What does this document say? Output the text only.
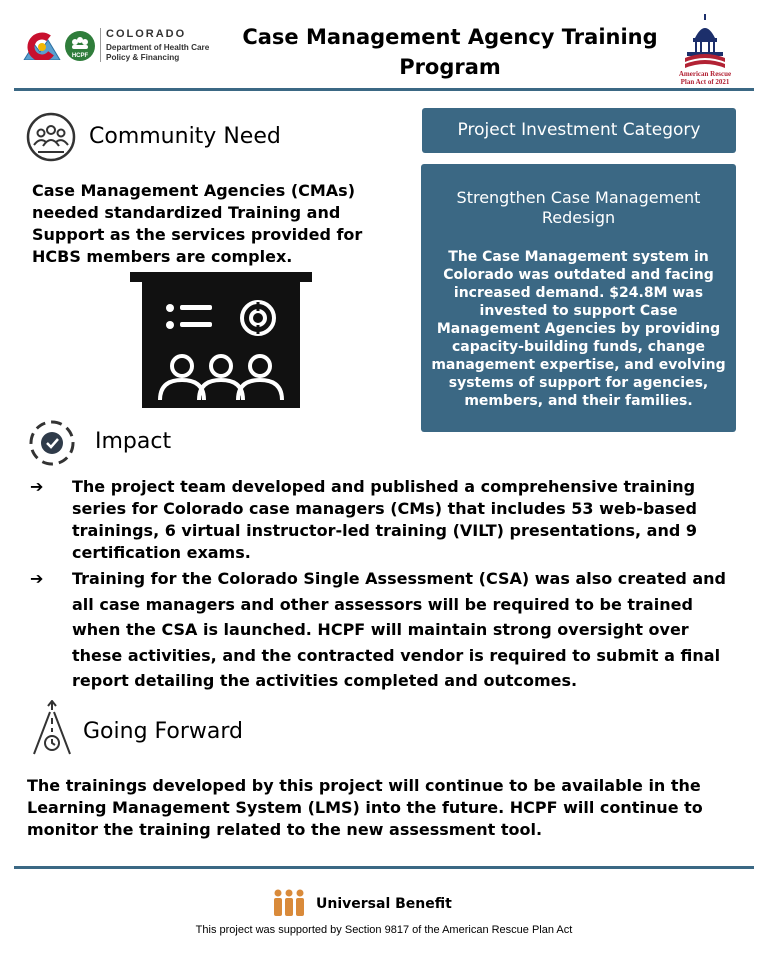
HCPF
COLORADO
Department of Health Care
Policy & Financing
Case Management Agency Training Program	American Rescue
Plan Act of 2021
Community Need
Case Management Agencies (CMAs) needed standardized Training and Support as the services provided for HCBS members are complex.
Project Investment Category
Strengthen Case Management Redesign
The Case Management system in Colorado was outdated and facing increased demand. $24.8M was invested to support Case Management Agencies by providing capacity-building funds, change management expertise, and evolving systems of support for agencies, members, and their families.
Impact
➔ The project team developed and published a comprehensive training series for Colorado case managers (CMs) that includes 53 web-based trainings, 6 virtual instructor-led training (VILT) presentations, and 9 certification exams.
➔ Training for the Colorado Single Assessment (CSA) was also created and all case managers and other assessors will be required to be trained when the CSA is launched. HCPF will maintain strong oversight over these activities, and the contracted vendor is required to submit a final report detailing the activities completed and outcomes.
Going Forward
The trainings developed by this project will continue to be available in the Learning Management System (LMS) into the future. HCPF will continue to monitor the training related to the new assessment tool.
Universal Benefit
This project was supported by Section 9817 of the American Rescue Plan Act
